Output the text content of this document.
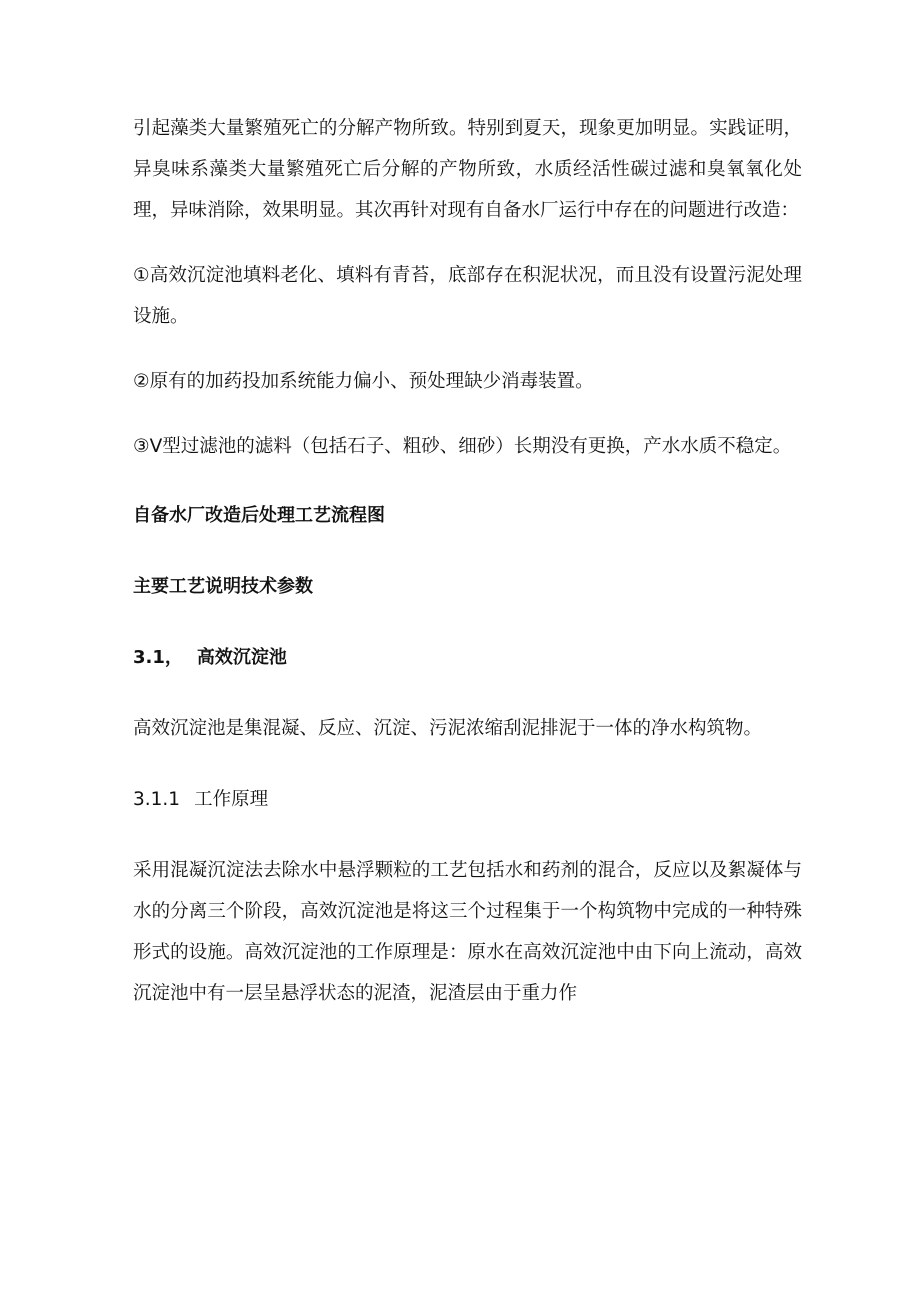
引起藻类大量繁殖死亡的分解产物所致。特别到夏天，现象更加明显。实践证明，异臭味系藻类大量繁殖死亡后分解的产物所致，水质经活性碳过滤和臭氧氧化处理，异味消除，效果明显。其次再针对现有自备水厂运行中存在的问题进行改造：

①高效沉淀池填料老化、填料有青苔，底部存在积泥状况，而且没有设置污泥处理设施。

②原有的加药投加系统能力偏小、预处理缺少消毒装置。

③V型过滤池的滤料（包括石子、粗砂、细砂）长期没有更换，产水水质不稳定。

自备水厂改造后处理工艺流程图

主要工艺说明技术参数

3.1， 高效沉淀池

高效沉淀池是集混凝、反应、沉淀、污泥浓缩刮泥排泥于一体的净水构筑物。

3.1.1 工作原理

采用混凝沉淀法去除水中悬浮颗粒的工艺包括水和药剂的混合，反应以及絮凝体与水的分离三个阶段，高效沉淀池是将这三个过程集于一个构筑物中完成的一种特殊形式的设施。高效沉淀池的工作原理是：原水在高效沉淀池中由下向上流动，高效沉淀池中有一层呈悬浮状态的泥渣，泥渣层由于重力作
